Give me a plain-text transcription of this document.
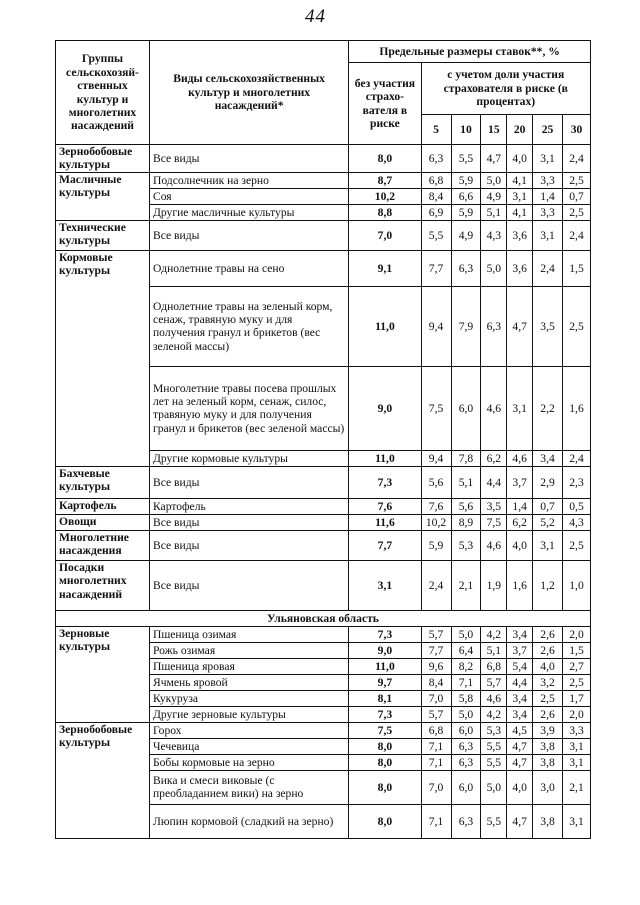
44
Группы сельскохозяй-ственных культур и многолетних насаждений	Виды сельскохозяйственных культур и многолетних насаждений*	Предельные размеры ставок**, %						
		без участия страхо-вателя в риске	с учетом доли участия страхователя в риске (в процентах)					
			5	10	15	20	25	30
Зернобобовые культуры	Все виды	8,0	6,3	5,5	4,7	4,0	3,1	2,4
Масличные культуры	Подсолнечник на зерно	8,7	6,8	5,9	5,0	4,1	3,3	2,5
	Соя	10,2	8,4	6,6	4,9	3,1	1,4	0,7
	Другие масличные культуры	8,8	6,9	5,9	5,1	4,1	3,3	2,5
Технические культуры	Все виды	7,0	5,5	4,9	4,3	3,6	3,1	2,4
Кормовые культуры	Однолетние травы на сено	9,1	7,7	6,3	5,0	3,6	2,4	1,5
	Однолетние травы на зеленый корм, сенаж, травяную муку и для получения гранул и брикетов (вес зеленой массы)	11,0	9,4	7,9	6,3	4,7	3,5	2,5
	Многолетние травы посева прошлых лет на зеленый корм, сенаж, силос, травяную муку и для получения гранул и брикетов (вес зеленой массы)	9,0	7,5	6,0	4,6	3,1	2,2	1,6
	Другие кормовые культуры	11,0	9,4	7,8	6,2	4,6	3,4	2,4
Бахчевые культуры	Все виды	7,3	5,6	5,1	4,4	3,7	2,9	2,3
Картофель	Картофель	7,6	7,6	5,6	3,5	1,4	0,7	0,5
Овощи	Все виды	11,6	10,2	8,9	7,5	6,2	5,2	4,3
Многолетние насаждения	Все виды	7,7	5,9	5,3	4,6	4,0	3,1	2,5
Посадки многолетних насаждений	Все виды	3,1	2,4	2,1	1,9	1,6	1,2	1,0
Ульяновская область								
Зерновые культуры	Пшеница озимая	7,3	5,7	5,0	4,2	3,4	2,6	2,0
	Рожь озимая	9,0	7,7	6,4	5,1	3,7	2,6	1,5
	Пшеница яровая	11,0	9,6	8,2	6,8	5,4	4,0	2,7
	Ячмень яровой	9,7	8,4	7,1	5,7	4,4	3,2	2,5
	Кукуруза	8,1	7,0	5,8	4,6	3,4	2,5	1,7
	Другие зерновые культуры	7,3	5,7	5,0	4,2	3,4	2,6	2,0
Зернобобовые культуры	Горох	7,5	6,8	6,0	5,3	4,5	3,9	3,3
	Чечевица	8,0	7,1	6,3	5,5	4,7	3,8	3,1
	Бобы кормовые на зерно	8,0	7,1	6,3	5,5	4,7	3,8	3,1
	Вика и смеси виковые (с преобладанием вики) на зерно	8,0	7,0	6,0	5,0	4,0	3,0	2,1
	Люпин кормовой (сладкий на зерно)	8,0	7,1	6,3	5,5	4,7	3,8	3,1
